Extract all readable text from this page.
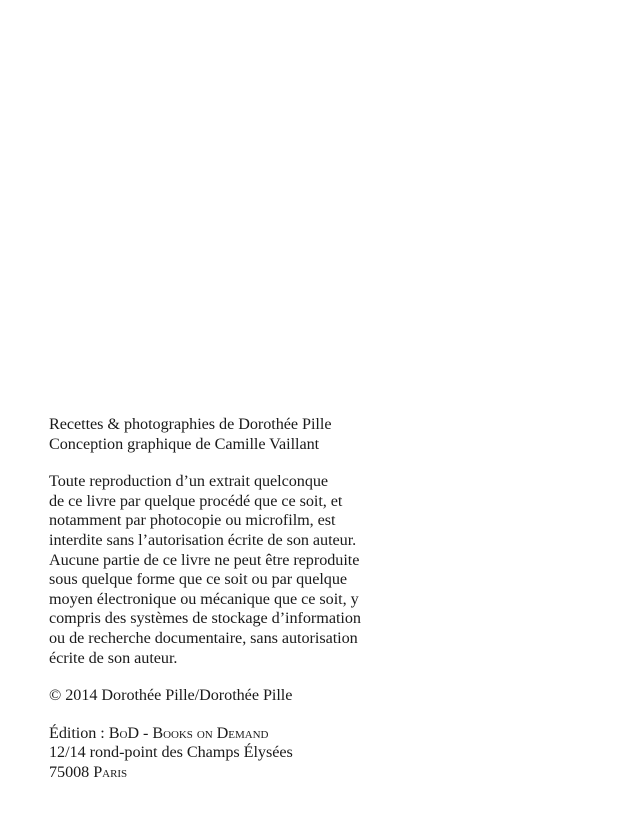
Recettes & photographies de Dorothée Pille
Conception graphique de Camille Vaillant

Toute reproduction d’un extrait quelconque
de ce livre par quelque procédé que ce soit, et
notamment par photocopie ou microfilm, est
interdite sans l’autorisation écrite de son auteur.
Aucune partie de ce livre ne peut être reproduite
sous quelque forme que ce soit ou par quelque
moyen électronique ou mécanique que ce soit, y
compris des systèmes de stockage d’information
ou de recherche documentaire, sans autorisation
écrite de son auteur.

© 2014 Dorothée Pille/Dorothée Pille

Édition : BoD - Books on Demand
12/14 rond-point des Champs Élysées
75008 Paris
